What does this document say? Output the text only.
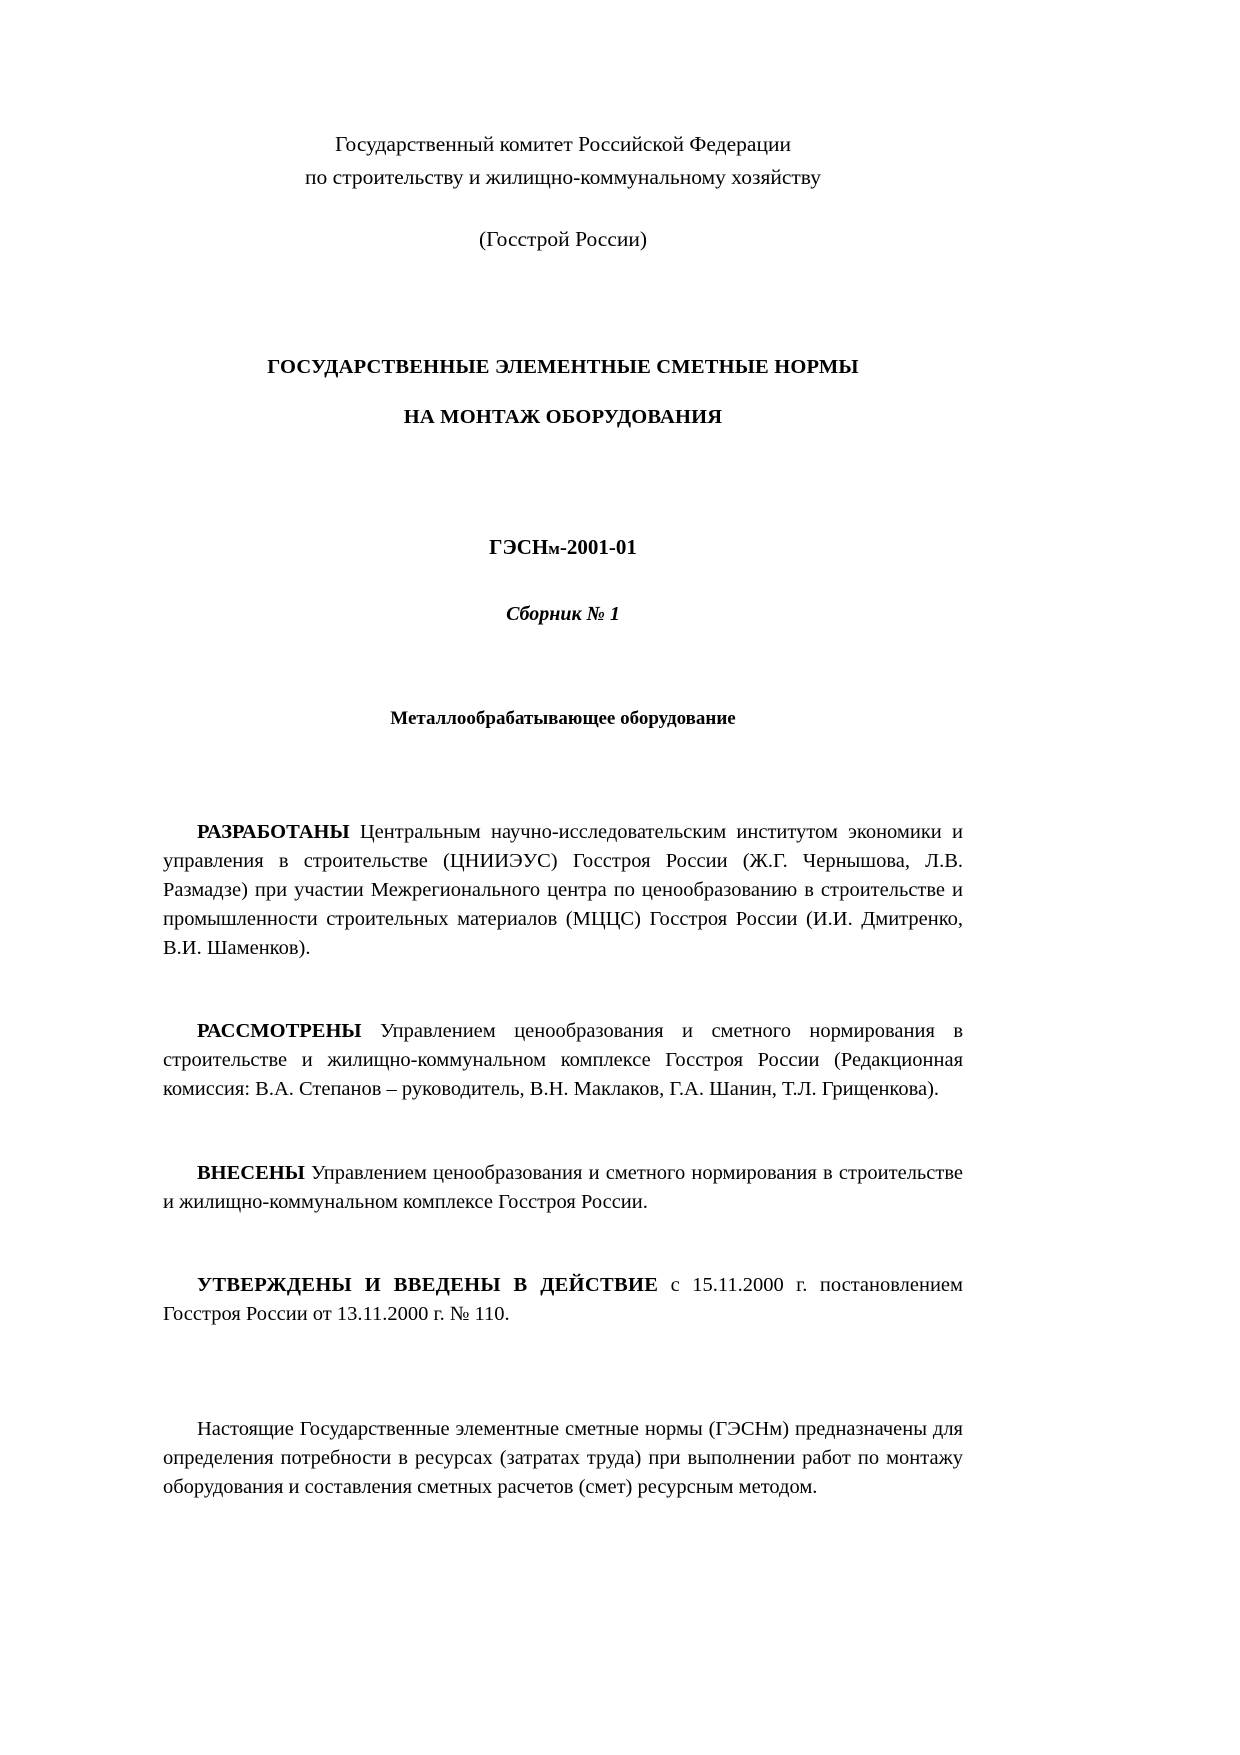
Государственный комитет Российской Федерации
по строительству и жилищно-коммунальному хозяйству
(Госстрой России)
ГОСУДАРСТВЕННЫЕ ЭЛЕМЕНТНЫЕ СМЕТНЫЕ НОРМЫ
НА МОНТАЖ ОБОРУДОВАНИЯ
ГЭСНм-2001-01
Сборник № 1
Металлообрабатывающее оборудование

РАЗРАБОТАНЫ Центральным научно-исследовательским институтом экономики и управления в строительстве (ЦНИИЭУС) Госстроя России (Ж.Г. Чернышова, Л.В. Размадзе) при участии Межрегионального центра по ценообразованию в строительстве и промышленности строительных материалов (МЦЦС) Госстроя России (И.И. Дмитренко, В.И. Шаменков).

РАССМОТРЕНЫ Управлением ценообразования и сметного нормирования в строительстве и жилищно-коммунальном комплексе Госстроя России (Редакционная комиссия: В.А. Степанов – руководитель, В.Н. Маклаков, Г.А. Шанин, Т.Л. Грищенкова).

ВНЕСЕНЫ Управлением ценообразования и сметного нормирования в строительстве и жилищно-коммунальном комплексе Госстроя России.

УТВЕРЖДЕНЫ И ВВЕДЕНЫ В ДЕЙСТВИЕ с 15.11.2000 г. постановлением Госстроя России от 13.11.2000 г. № 110.

Настоящие Государственные элементные сметные нормы (ГЭСНм) предназначены для определения потребности в ресурсах (затратах труда) при выполнении работ по монтажу оборудования и составления сметных расчетов (смет) ресурсным методом.
